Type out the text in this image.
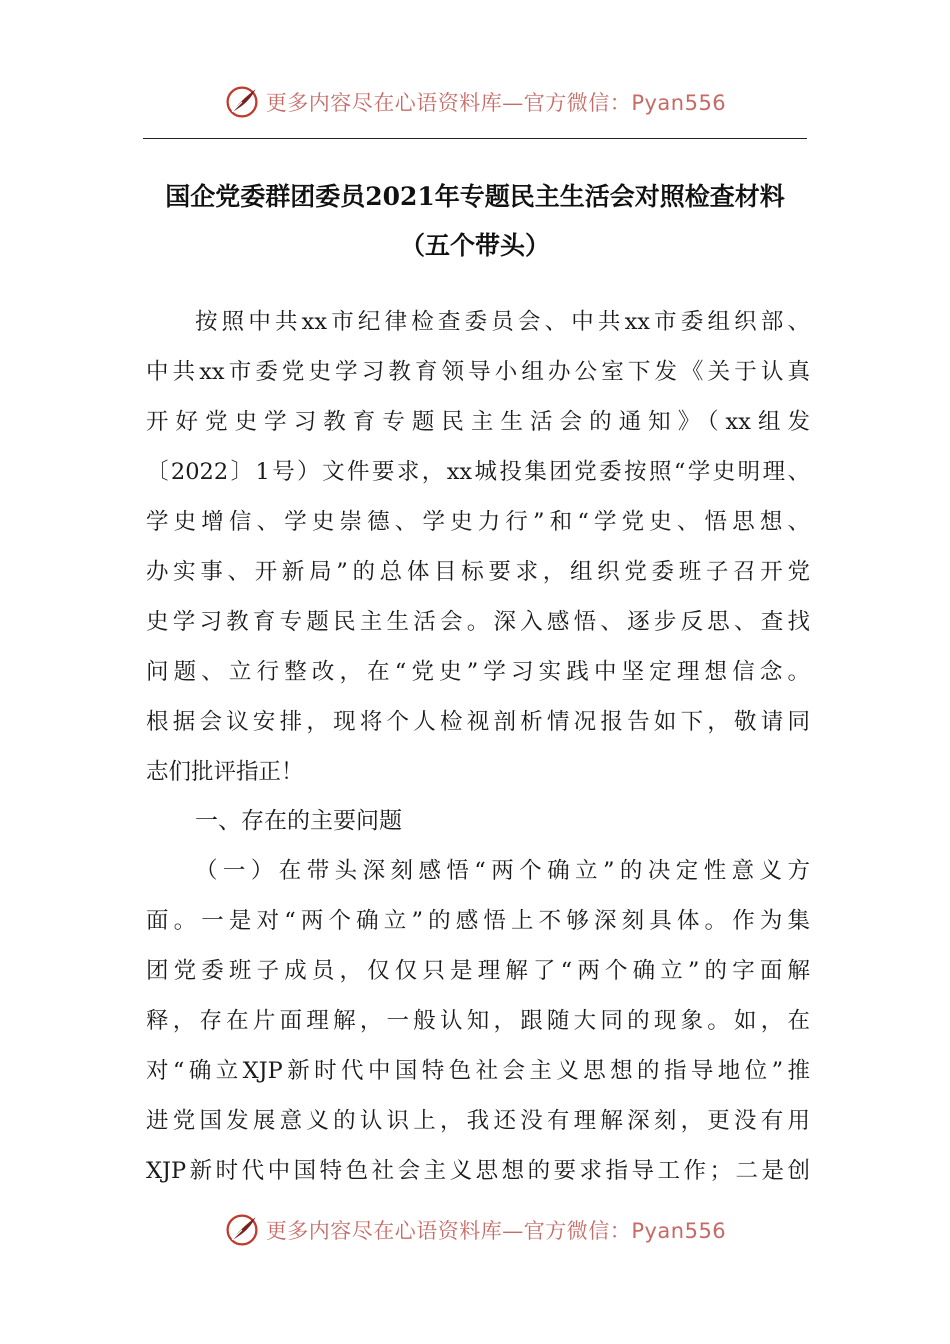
更多内容尽在心语资料库—官方微信：Pyan556
国企党委群团委员2021年专题民主生活会对照检查材料
（五个带头）
按照中共xx市纪律检查委员会、中共xx市委组织部、
中共xx市委党史学习教育领导小组办公室下发《关于认真
开好党史学习教育专题民主生活会的通知》（xx组发
〔2022〕1号）文件要求，xx城投集团党委按照“学史明理、
学史增信、学史崇德、学史力行”和“学党史、悟思想、
办实事、开新局”的总体目标要求，组织党委班子召开党
史学习教育专题民主生活会。深入感悟、逐步反思、查找
问题、立行整改，在“党史”学习实践中坚定理想信念。
根据会议安排，现将个人检视剖析情况报告如下，敬请同
志们批评指正！
一、存在的主要问题
（一）在带头深刻感悟“两个确立”的决定性意义方
面。一是对“两个确立”的感悟上不够深刻具体。作为集
团党委班子成员，仅仅只是理解了“两个确立”的字面解
释，存在片面理解，一般认知，跟随大同的现象。如，在
对“确立XJP新时代中国特色社会主义思想的指导地位”推
进党国发展意义的认识上，我还没有理解深刻，更没有用
XJP新时代中国特色社会主义思想的要求指导工作；二是创
更多内容尽在心语资料库—官方微信：Pyan556
